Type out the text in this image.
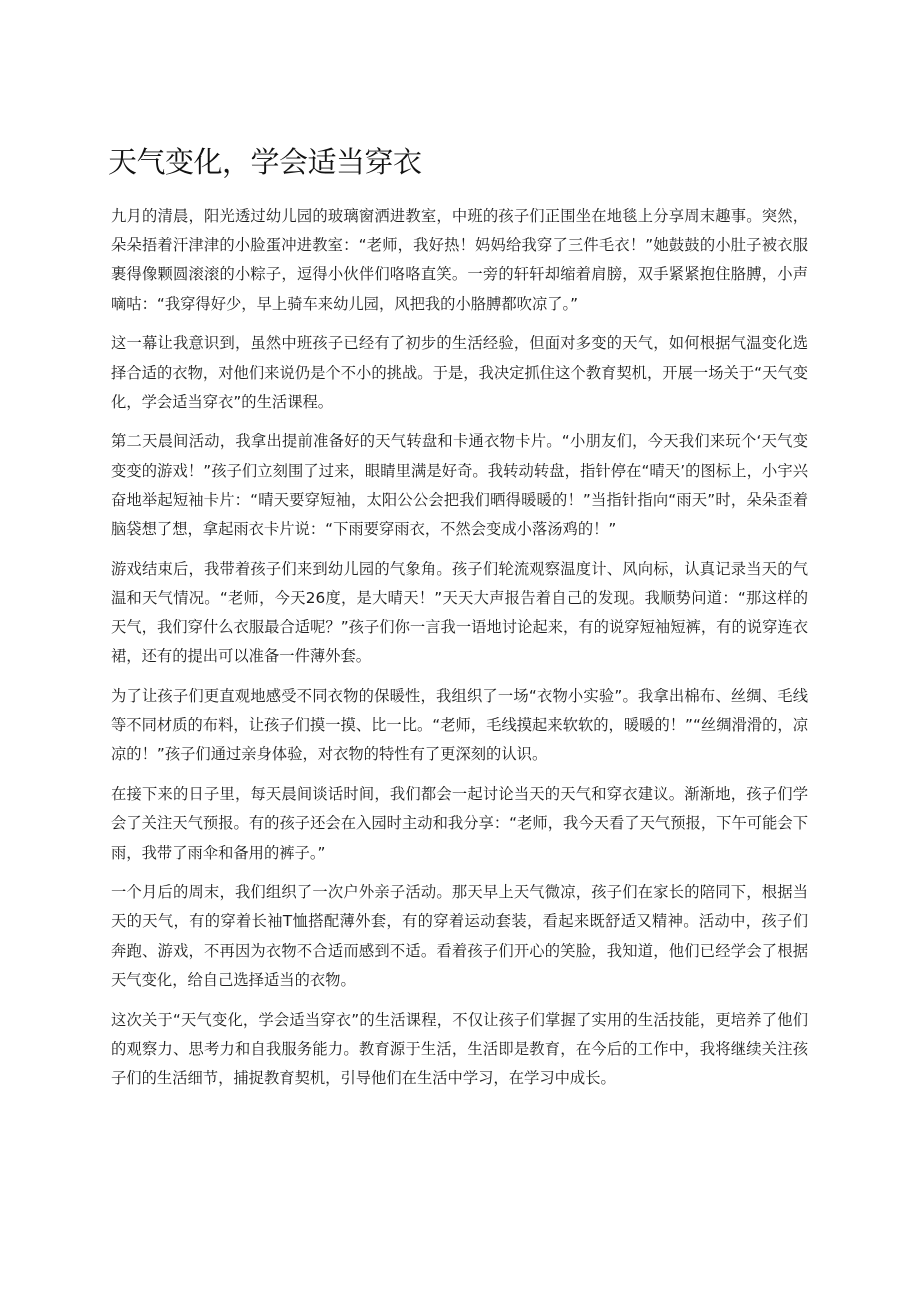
天气变化，学会适当穿衣

九月的清晨，阳光透过幼儿园的玻璃窗洒进教室，中班的孩子们正围坐在地毯上分享周末趣事。突然，朵朵捂着汗津津的小脸蛋冲进教室：“老师，我好热！妈妈给我穿了三件毛衣！”她鼓鼓的小肚子被衣服裹得像颗圆滚滚的小粽子，逗得小伙伴们咯咯直笑。一旁的轩轩却缩着肩膀，双手紧紧抱住胳膊，小声嘀咕：“我穿得好少，早上骑车来幼儿园，风把我的小胳膊都吹凉了。”

这一幕让我意识到，虽然中班孩子已经有了初步的生活经验，但面对多变的天气，如何根据气温变化选择合适的衣物，对他们来说仍是个不小的挑战。于是，我决定抓住这个教育契机，开展一场关于“天气变化，学会适当穿衣”的生活课程。

第二天晨间活动，我拿出提前准备好的天气转盘和卡通衣物卡片。“小朋友们，今天我们来玩个‘天气变变变的游戏！”孩子们立刻围了过来，眼睛里满是好奇。我转动转盘，指针停在“晴天’的图标上，小宇兴奋地举起短袖卡片：“晴天要穿短袖，太阳公公会把我们晒得暖暖的！”当指针指向“雨天”时，朵朵歪着脑袋想了想，拿起雨衣卡片说：“下雨要穿雨衣，不然会变成小落汤鸡的！”

游戏结束后，我带着孩子们来到幼儿园的气象角。孩子们轮流观察温度计、风向标，认真记录当天的气温和天气情况。“老师，今天26度，是大晴天！”天天大声报告着自己的发现。我顺势问道：“那这样的天气，我们穿什么衣服最合适呢？”孩子们你一言我一语地讨论起来，有的说穿短袖短裤，有的说穿连衣裙，还有的提出可以准备一件薄外套。

为了让孩子们更直观地感受不同衣物的保暖性，我组织了一场“衣物小实验”。我拿出棉布、丝绸、毛线等不同材质的布料，让孩子们摸一摸、比一比。“老师，毛线摸起来软软的，暖暖的！”“丝绸滑滑的，凉凉的！”孩子们通过亲身体验，对衣物的特性有了更深刻的认识。

在接下来的日子里，每天晨间谈话时间，我们都会一起讨论当天的天气和穿衣建议。渐渐地，孩子们学会了关注天气预报。有的孩子还会在入园时主动和我分享：“老师，我今天看了天气预报，下午可能会下雨，我带了雨伞和备用的裤子。”

一个月后的周末，我们组织了一次户外亲子活动。那天早上天气微凉，孩子们在家长的陪同下，根据当天的天气，有的穿着长袖T恤搭配薄外套，有的穿着运动套装，看起来既舒适又精神。活动中，孩子们奔跑、游戏，不再因为衣物不合适而感到不适。看着孩子们开心的笑脸，我知道，他们已经学会了根据天气变化，给自己选择适当的衣物。

这次关于“天气变化，学会适当穿衣”的生活课程，不仅让孩子们掌握了实用的生活技能，更培养了他们的观察力、思考力和自我服务能力。教育源于生活，生活即是教育，在今后的工作中，我将继续关注孩子们的生活细节，捕捉教育契机，引导他们在生活中学习，在学习中成长。
